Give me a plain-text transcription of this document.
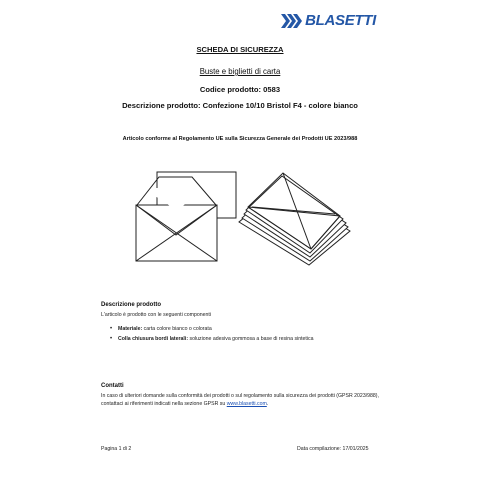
BLASETTI
SCHEDA DI SICUREZZA
Buste e biglietti di carta
Codice prodotto: 0583
Descrizione prodotto: Confezione 10/10 Bristol F4 - colore bianco
Articolo conforme al Regolamento UE sulla Sicurezza Generale dei Prodotti UE 2023/988
Descrizione prodotto
L'articolo è prodotto con le seguenti componenti
• Materiale: carta colore bianco o colorata
• Colla chiusura bordi laterali: soluzione adesiva gommosa a base di resina sintetica
Contatti
In caso di ulteriori domande sulla conformità dei prodotti o sul regolamento sulla sicurezza dei prodotti (GPSR 2023/988), contattaci ai riferimenti indicati nella sezione GPSR su www.blasetti.com.
Pagina 1 di 2	Data compilazione: 17/01/2025
